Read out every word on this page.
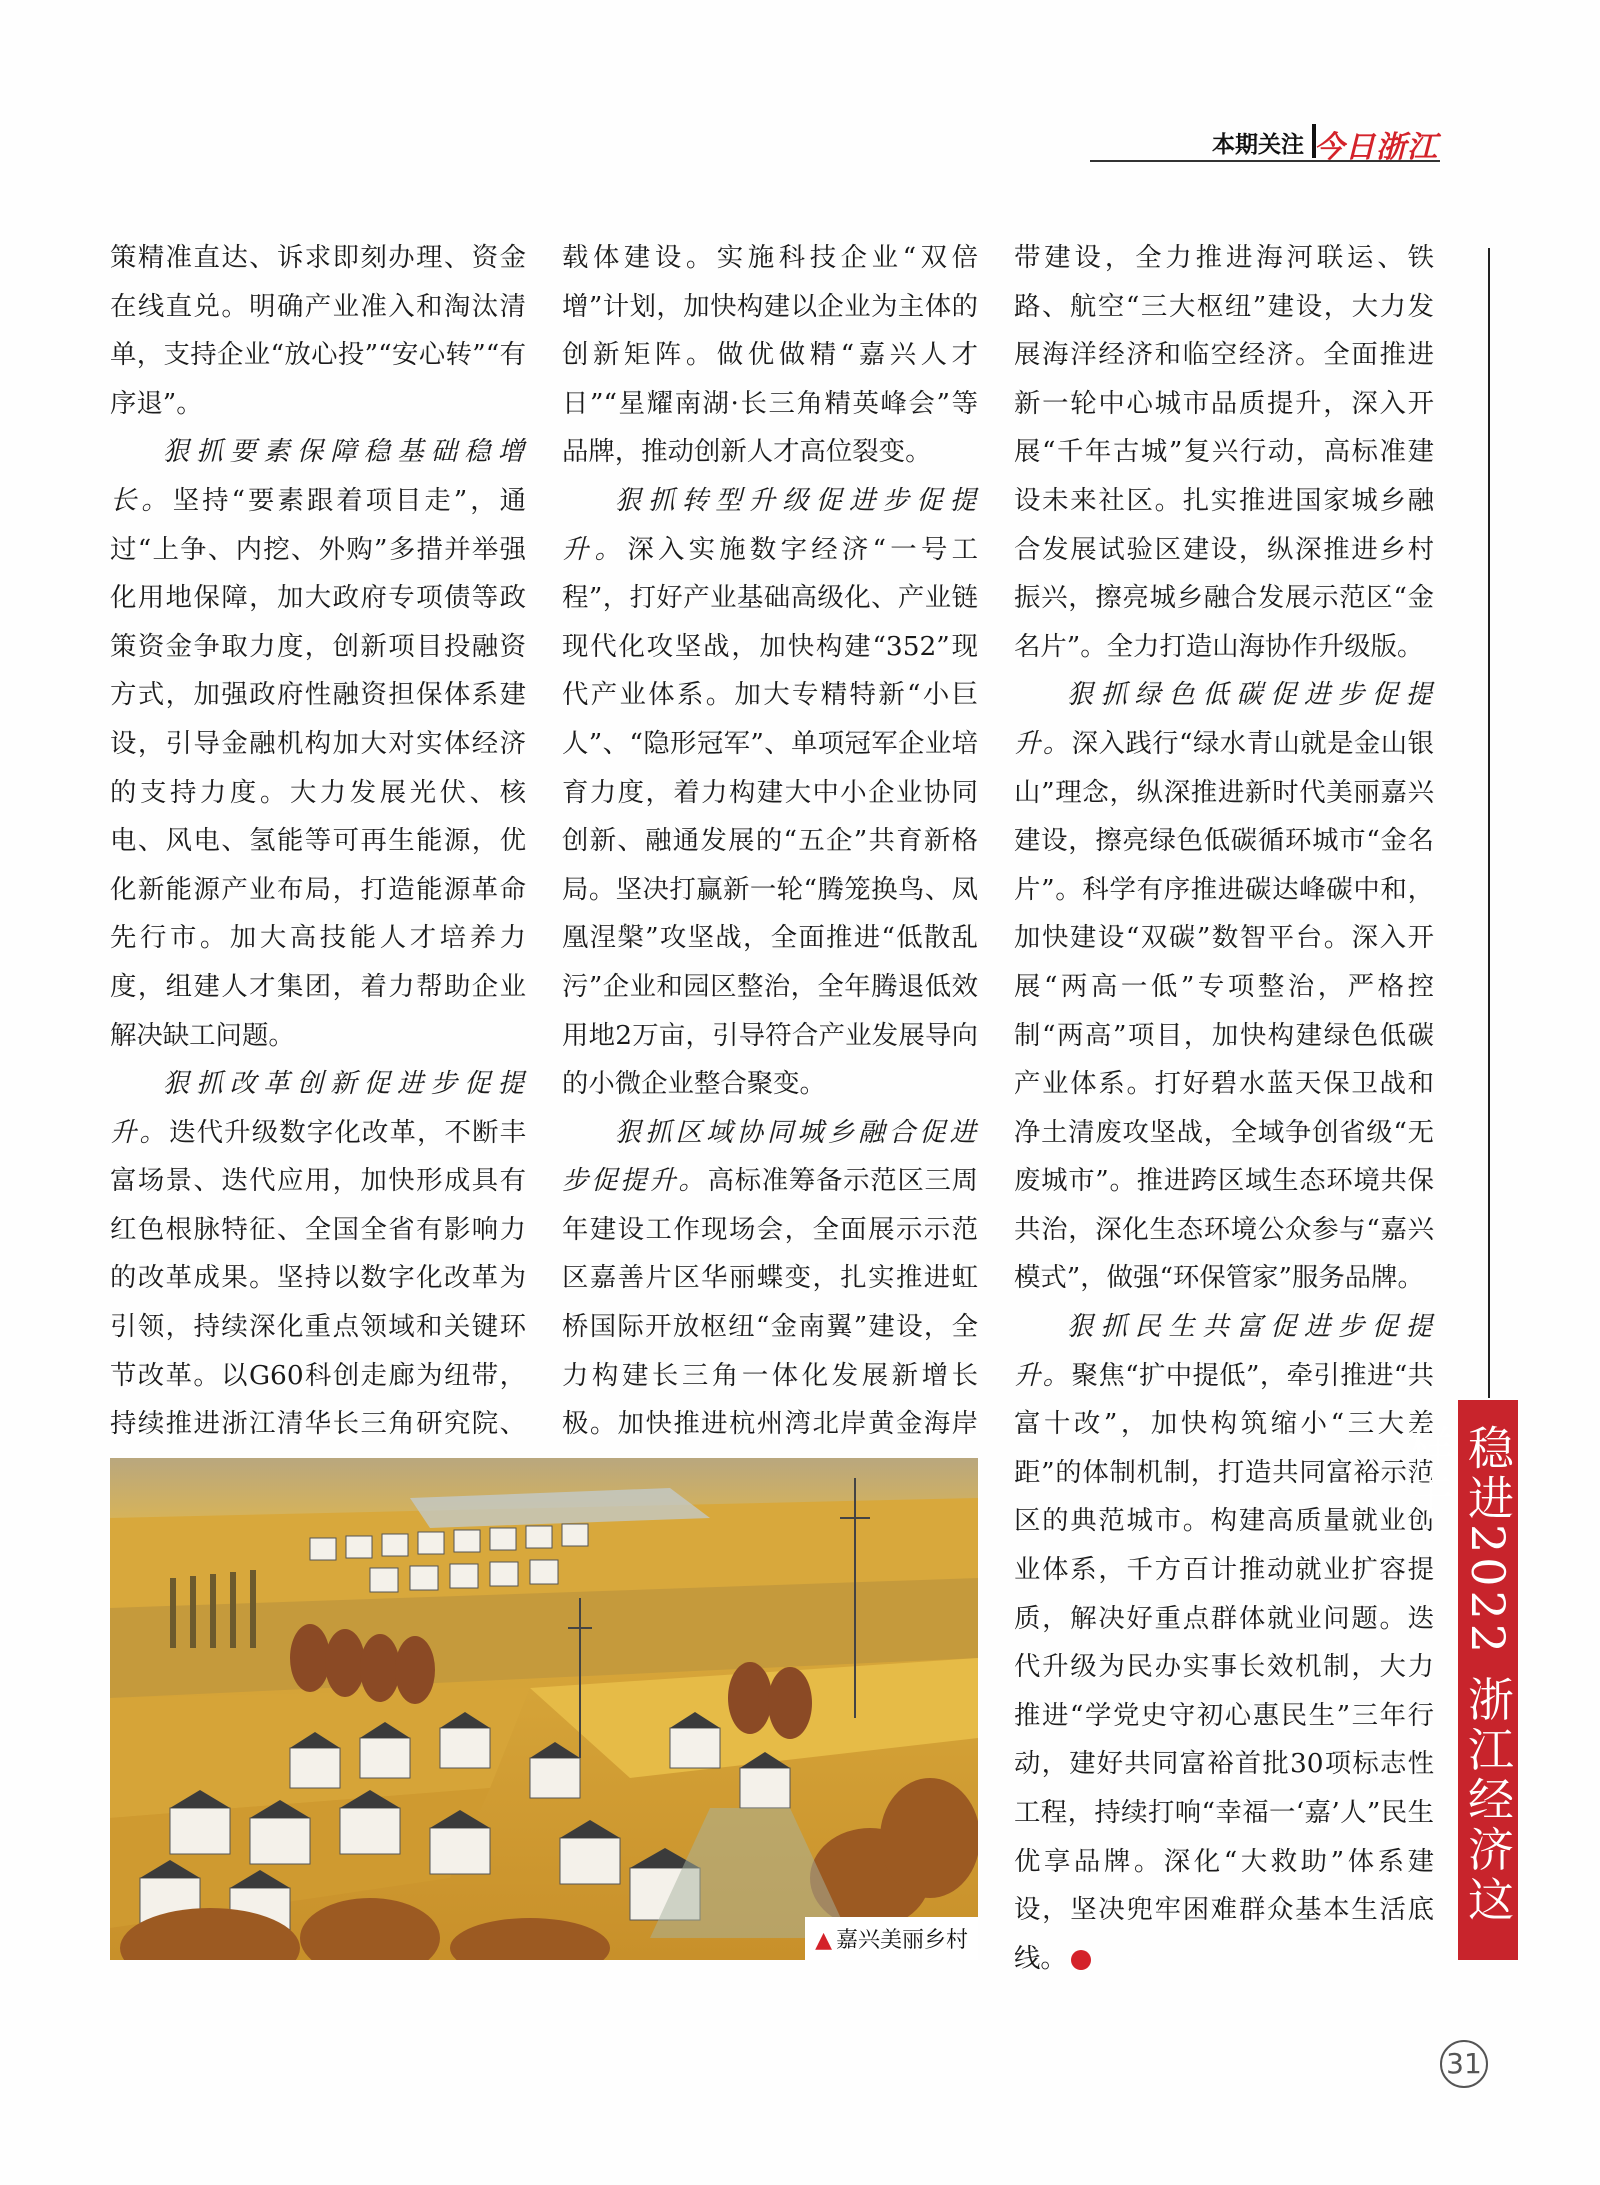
本期关注 今日浙江

策精准直达、诉求即刻办理、资金在线直兑。明确产业准入和淘汰清单，支持企业“放心投”“安心转”“有序退”。

狠抓要素保障稳基础稳增长。坚持“要素跟着项目走”，通过“上争、内挖、外购”多措并举强化用地保障，加大政府专项债等政策资金争取力度，创新项目投融资方式，加强政府性融资担保体系建设，引导金融机构加大对实体经济的支持力度。大力发展光伏、核电、风电、氢能等可再生能源，优化新能源产业布局，打造能源革命先行市。加大高技能人才培养力度，组建人才集团，着力帮助企业解决缺工问题。

狠抓改革创新促进步促提升。迭代升级数字化改革，不断丰富场景、迭代应用，加快形成具有红色根脉特征、全国全省有影响力的改革成果。坚持以数字化改革为引领，持续深化重点领域和关键环节改革。以G60科创走廊为纽带，持续推进浙江清华长三角研究院、

载体建设。实施科技企业“双倍增”计划，加快构建以企业为主体的创新矩阵。做优做精“嘉兴人才日”“星耀南湖·长三角精英峰会”等品牌，推动创新人才高位裂变。

狠抓转型升级促进步促提升。深入实施数字经济“一号工程”，打好产业基础高级化、产业链现代化攻坚战，加快构建“352”现代产业体系。加大专精特新“小巨人”、“隐形冠军”、单项冠军企业培育力度，着力构建大中小企业协同创新、融通发展的“五企”共育新格局。坚决打赢新一轮“腾笼换鸟、凤凰涅槃”攻坚战，全面推进“低散乱污”企业和园区整治，全年腾退低效用地2万亩，引导符合产业发展导向的小微企业整合聚变。

狠抓区域协同城乡融合促进步促提升。高标准筹备示范区三周年建设工作现场会，全面展示示范区嘉善片区华丽蝶变，扎实推进虹桥国际开放枢纽“金南翼”建设，全力构建长三角一体化发展新增长极。加快推进杭州湾北岸黄金海岸

带建设，全力推进海河联运、铁路、航空“三大枢纽”建设，大力发展海洋经济和临空经济。全面推进新一轮中心城市品质提升，深入开展“千年古城”复兴行动，高标准建设未来社区。扎实推进国家城乡融合发展试验区建设，纵深推进乡村振兴，擦亮城乡融合发展示范区“金名片”。全力打造山海协作升级版。

狠抓绿色低碳促进步促提升。深入践行“绿水青山就是金山银山”理念，纵深推进新时代美丽嘉兴建设，擦亮绿色低碳循环城市“金名片”。科学有序推进碳达峰碳中和，加快建设“双碳”数智平台。深入开展“两高一低”专项整治，严格控制“两高”项目，加快构建绿色低碳产业体系。打好碧水蓝天保卫战和净土清废攻坚战，全域争创省级“无废城市”。推进跨区域生态环境共保共治，深化生态环境公众参与“嘉兴模式”，做强“环保管家”服务品牌。

狠抓民生共富促进步促提升。聚焦“扩中提低”，牵引推进“共富十改”，加快构筑缩小“三大差距”的体制机制，打造共同富裕示范区的典范城市。构建高质量就业创业体系，千方百计推动就业扩容提质，解决好重点群体就业问题。迭代升级为民办实事长效机制，大力推进“学党史守初心惠民生”三年行动，建好共同富裕首批30项标志性工程，持续打响“幸福一‘嘉’人”民生优享品牌。深化“大救助”体系建设，坚决兜牢困难群众基本生活底线。	今

▲ 嘉兴美丽乡村
稳进2022 浙江经济这样干
31
